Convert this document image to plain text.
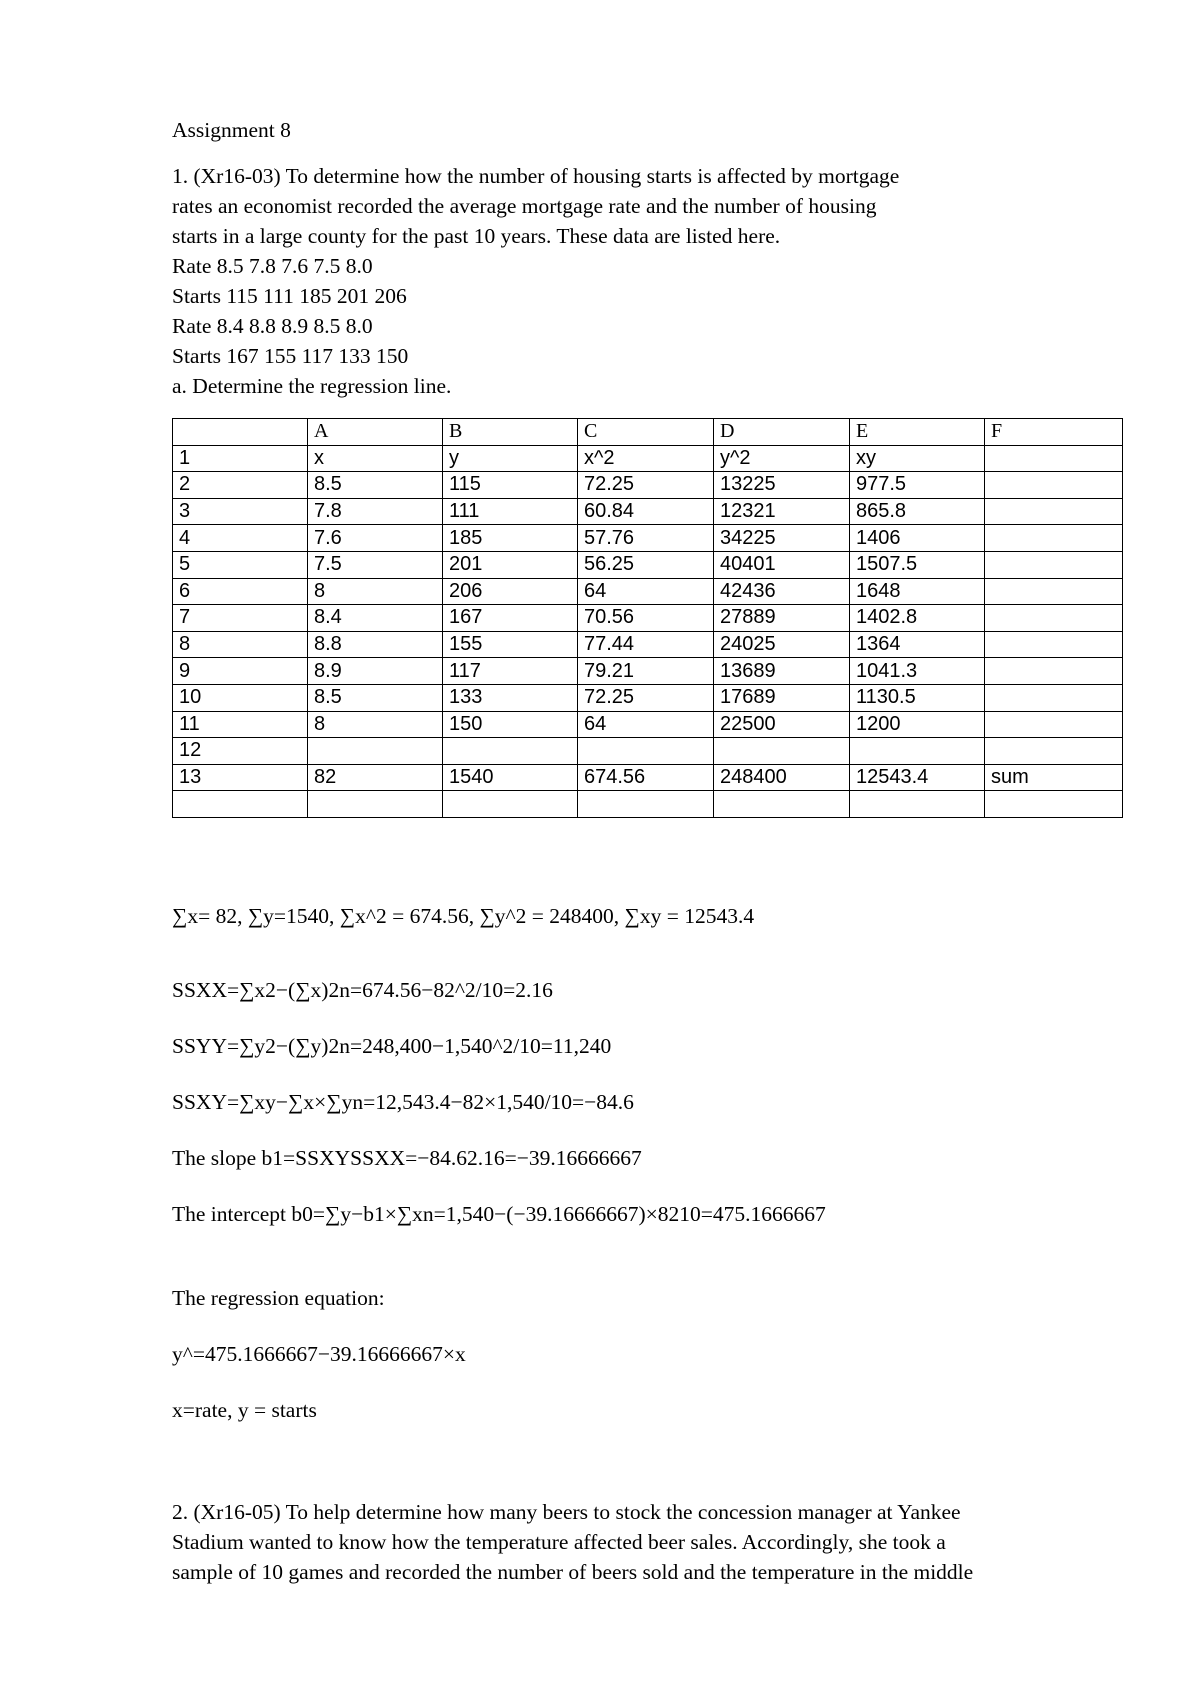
Assignment 8
1. (Xr16-03) To determine how the number of housing starts is affected by mortgage
rates an economist recorded the average mortgage rate and the number of housing
starts in a large county for the past 10 years. These data are listed here.
Rate 8.5 7.8 7.6 7.5 8.0
Starts 115 111 185 201 206
Rate 8.4 8.8 8.9 8.5 8.0
Starts 167 155 117 133 150
a. Determine the regression line.
	A	B	C	D	E	F
1	x	y	x^2	y^2	xy	
2	8.5	115	72.25	13225	977.5	
3	7.8	111	60.84	12321	865.8	
4	7.6	185	57.76	34225	1406	
5	7.5	201	56.25	40401	1507.5	
6	8	206	64	42436	1648	
7	8.4	167	70.56	27889	1402.8	
8	8.8	155	77.44	24025	1364	
9	8.9	117	79.21	13689	1041.3	
10	8.5	133	72.25	17689	1130.5	
11	8	150	64	22500	1200	
12						
13	82	1540	674.56	248400	12543.4	sum

∑x= 82, ∑y=1540, ∑x^2 = 674.56, ∑y^2 = 248400, ∑xy = 12543.4
SSXX=∑x2−(∑x)2n=674.56−82^2/10=2.16
SSYY=∑y2−(∑y)2n=248,400−1,540^2/10=11,240
SSXY=∑xy−∑x×∑yn=12,543.4−82×1,540/10=−84.6
The slope b1=SSXYSSXX=−84.62.16=−39.16666667
The intercept b0=∑y−b1×∑xn=1,540−(−39.16666667)×8210=475.1666667
The regression equation:
y^=475.1666667−39.16666667×x
x=rate, y = starts
2. (Xr16-05) To help determine how many beers to stock the concession manager at Yankee
Stadium wanted to know how the temperature affected beer sales. Accordingly, she took a
sample of 10 games and recorded the number of beers sold and the temperature in the middle
